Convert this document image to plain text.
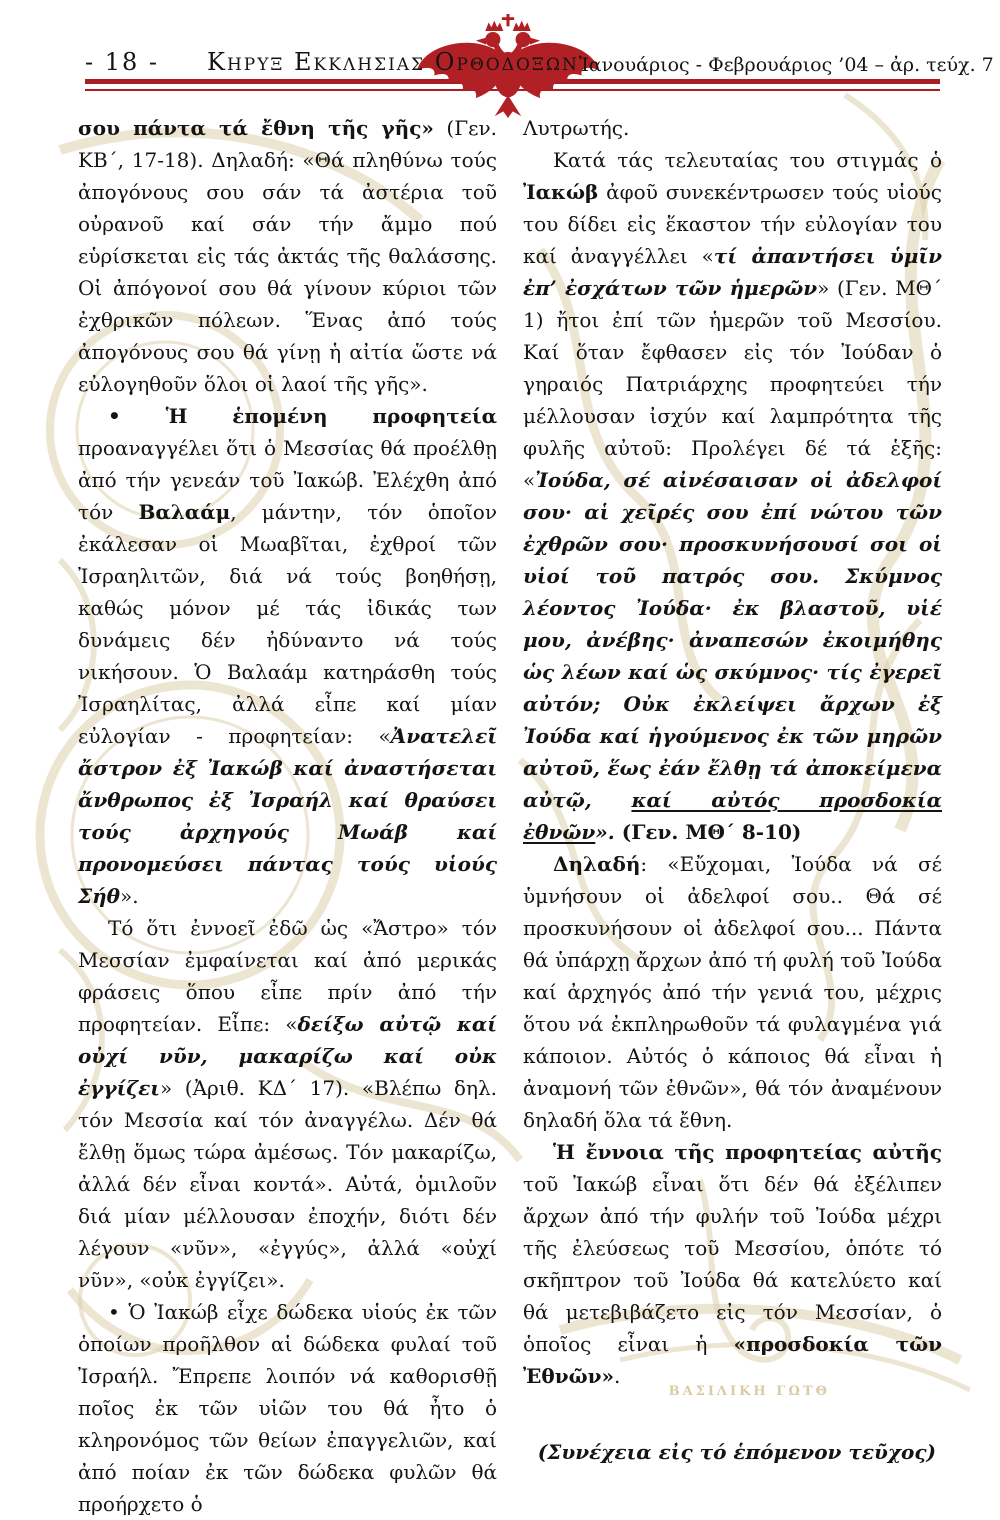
ΒΑΣΙΛΙΚΗ ΓΩΤΘ
- 18 -	Κηρυξ Εκκλησιας Ορθοδοξων Ἰανουάριος - Φεβρουάριος ’04 – ἀρ. τεύχ. 7

σου πάντα τά ἔθνη τῆς γῆς» (Γεν. ΚΒ΄, 17-18). Δηλαδή: «Θά πληθύνω τούς ἀπογόνους σου σάν τά ἀστέρια τοῦ οὐρανοῦ καί σάν τήν ἄμμο πού εὑρίσκεται εἰς τάς ἀκτάς τῆς θαλάσσης. Οἱ ἀπόγονοί σου θά γίνουν κύριοι τῶν ἐχθρικῶν πόλεων. Ἕνας ἀπό τούς ἀπογόνους σου θά γίνῃ ἡ αἰτία ὥστε νά εὐλογηθοῦν ὅλοι οἱ λαοί τῆς γῆς».

• Ἡ ἑπομένη προφητεία προαναγγέλει ὅτι ὁ Μεσσίας θά προέλθῃ ἀπό τήν γενεάν τοῦ Ἰακώβ. Ἐλέχθη ἀπό τόν Βαλαάμ, μάντην, τόν ὁποῖον ἐκάλεσαν οἱ Μωαβῖται, ἐχθροί τῶν Ἰσραηλιτῶν, διά νά τούς βοηθήσῃ, καθώς μόνον μέ τάς ἰδικάς των δυνάμεις δέν ἠδύναντο νά τούς νικήσουν. Ὁ Βαλαάμ κατηράσθη τούς Ἰσραηλίτας, ἀλλά εἶπε καί μίαν εὐλογίαν - προφητείαν: «Ἀνατελεῖ ἄστρον ἐξ Ἰακώβ καί ἀναστήσεται ἄνθρωπος ἐξ Ἰσραήλ καί θραύσει τούς ἀρχηγούς Μωάβ καί προνομεύσει πάντας τούς υἱούς Σήθ».

Τό ὅτι ἐννοεῖ ἐδῶ ὡς «Ἄστρο» τόν Μεσσίαν ἐμφαίνεται καί ἀπό μερικάς φράσεις ὅπου εἶπε πρίν ἀπό τήν προφητείαν. Εἶπε: «δείξω αὐτῷ καί οὐχί νῦν, μακαρίζω καί οὐκ ἐγγίζει» (Ἀριθ. ΚΔ΄ 17). «Βλέπω δηλ. τόν Μεσσία καί τόν ἀναγγέλω. Δέν θά ἔλθῃ ὅμως τώρα ἀμέσως. Τόν μακαρίζω, ἀλλά δέν εἶναι κοντά». Αὐτά, ὁμιλοῦν διά μίαν μέλλουσαν ἐποχήν, διότι δέν λέγουν «νῦν», «ἐγγύς», ἀλλά «οὐχί νῦν», «οὐκ ἐγγίζει».

• Ὁ Ἰακώβ εἶχε δώδεκα υἱούς ἐκ τῶν ὁποίων προῆλθον αἱ δώδεκα φυλαί τοῦ Ἰσραήλ. Ἔπρεπε λοιπόν νά καθορισθῇ ποῖος ἐκ τῶν υἱῶν του θά ἦτο ὁ κληρονόμος τῶν θείων ἐπαγγελιῶν, καί ἀπό ποίαν ἐκ τῶν δώδεκα φυλῶν θά προήρχετο ὁ

Λυτρωτής.

Κατά τάς τελευταίας του στιγμάς ὁ Ἰακώβ ἀφοῦ συνεκέντρωσεν τούς υἱούς του δίδει εἰς ἕκαστον τήν εὐλογίαν του καί ἀναγγέλλει «τί ἀπαντήσει ὑμῖν ἐπ’ ἐσχάτων τῶν ἡμερῶν» (Γεν. ΜΘ΄ 1) ἤτοι ἐπί τῶν ἡμερῶν τοῦ Μεσσίου. Καί ὅταν ἔφθασεν εἰς τόν Ἰούδαν ὁ γηραιός Πατριάρχης προφητεύει τήν μέλλουσαν ἰσχύν καί λαμπρότητα τῆς φυλῆς αὐτοῦ: Προλέγει δέ τά ἑξῆς: «Ἰούδα, σέ αἰνέσαισαν οἱ ἀδελφοί σου· αἱ χεῖρές σου ἐπί νώτου τῶν ἐχθρῶν σου· προσκυνήσουσί σοι οἱ υἱοί τοῦ πατρός σου. Σκύμνος λέοντος Ἰούδα· ἐκ βλαστοῦ, υἱέ μου, ἀνέβης· ἀναπεσών ἐκοιμήθης ὡς λέων καί ὡς σκύμνος· τίς ἐγερεῖ αὐτόν; Οὐκ ἐκλείψει ἄρχων ἐξ Ἰούδα καί ἡγούμενος ἐκ τῶν μηρῶν αὐτοῦ, ἕως ἐάν ἔλθῃ τά ἀποκείμενα αὐτῷ, καί αὐτός προσδοκία ἐθνῶν». (Γεν. ΜΘ΄ 8-10)

Δηλαδή: «Εὔχομαι, Ἰούδα νά σέ ὑμνήσουν οἱ ἀδελφοί σου.. Θά σέ προσκυνήσουν οἱ ἀδελφοί σου... Πάντα θά ὑπάρχῃ ἄρχων ἀπό τή φυλή τοῦ Ἰούδα καί ἀρχηγός ἀπό τήν γενιά του, μέχρις ὅτου νά ἐκπληρωθοῦν τά φυλαγμένα γιά κάποιον. Αὐτός ὁ κάποιος θά εἶναι ἡ ἀναμονή τῶν ἐθνῶν», θά τόν ἀναμένουν δηλαδή ὅλα τά ἔθνη.

Ἡ ἔννοια τῆς προφητείας αὐτῆς τοῦ Ἰακώβ εἶναι ὅτι δέν θά ἐξέλιπεν ἄρχων ἀπό τήν φυλήν τοῦ Ἰούδα μέχρι τῆς ἐλεύσεως τοῦ Μεσσίου, ὁπότε τό σκῆπτρον τοῦ Ἰούδα θά κατελύετο καί θά μετεβιβάζετο εἰς τόν Μεσσίαν, ὁ ὁποῖος εἶναι ἡ «προσδοκία τῶν Ἐθνῶν».

(Συνέχεια εἰς τό ἑπόμενον τεῦχος)
